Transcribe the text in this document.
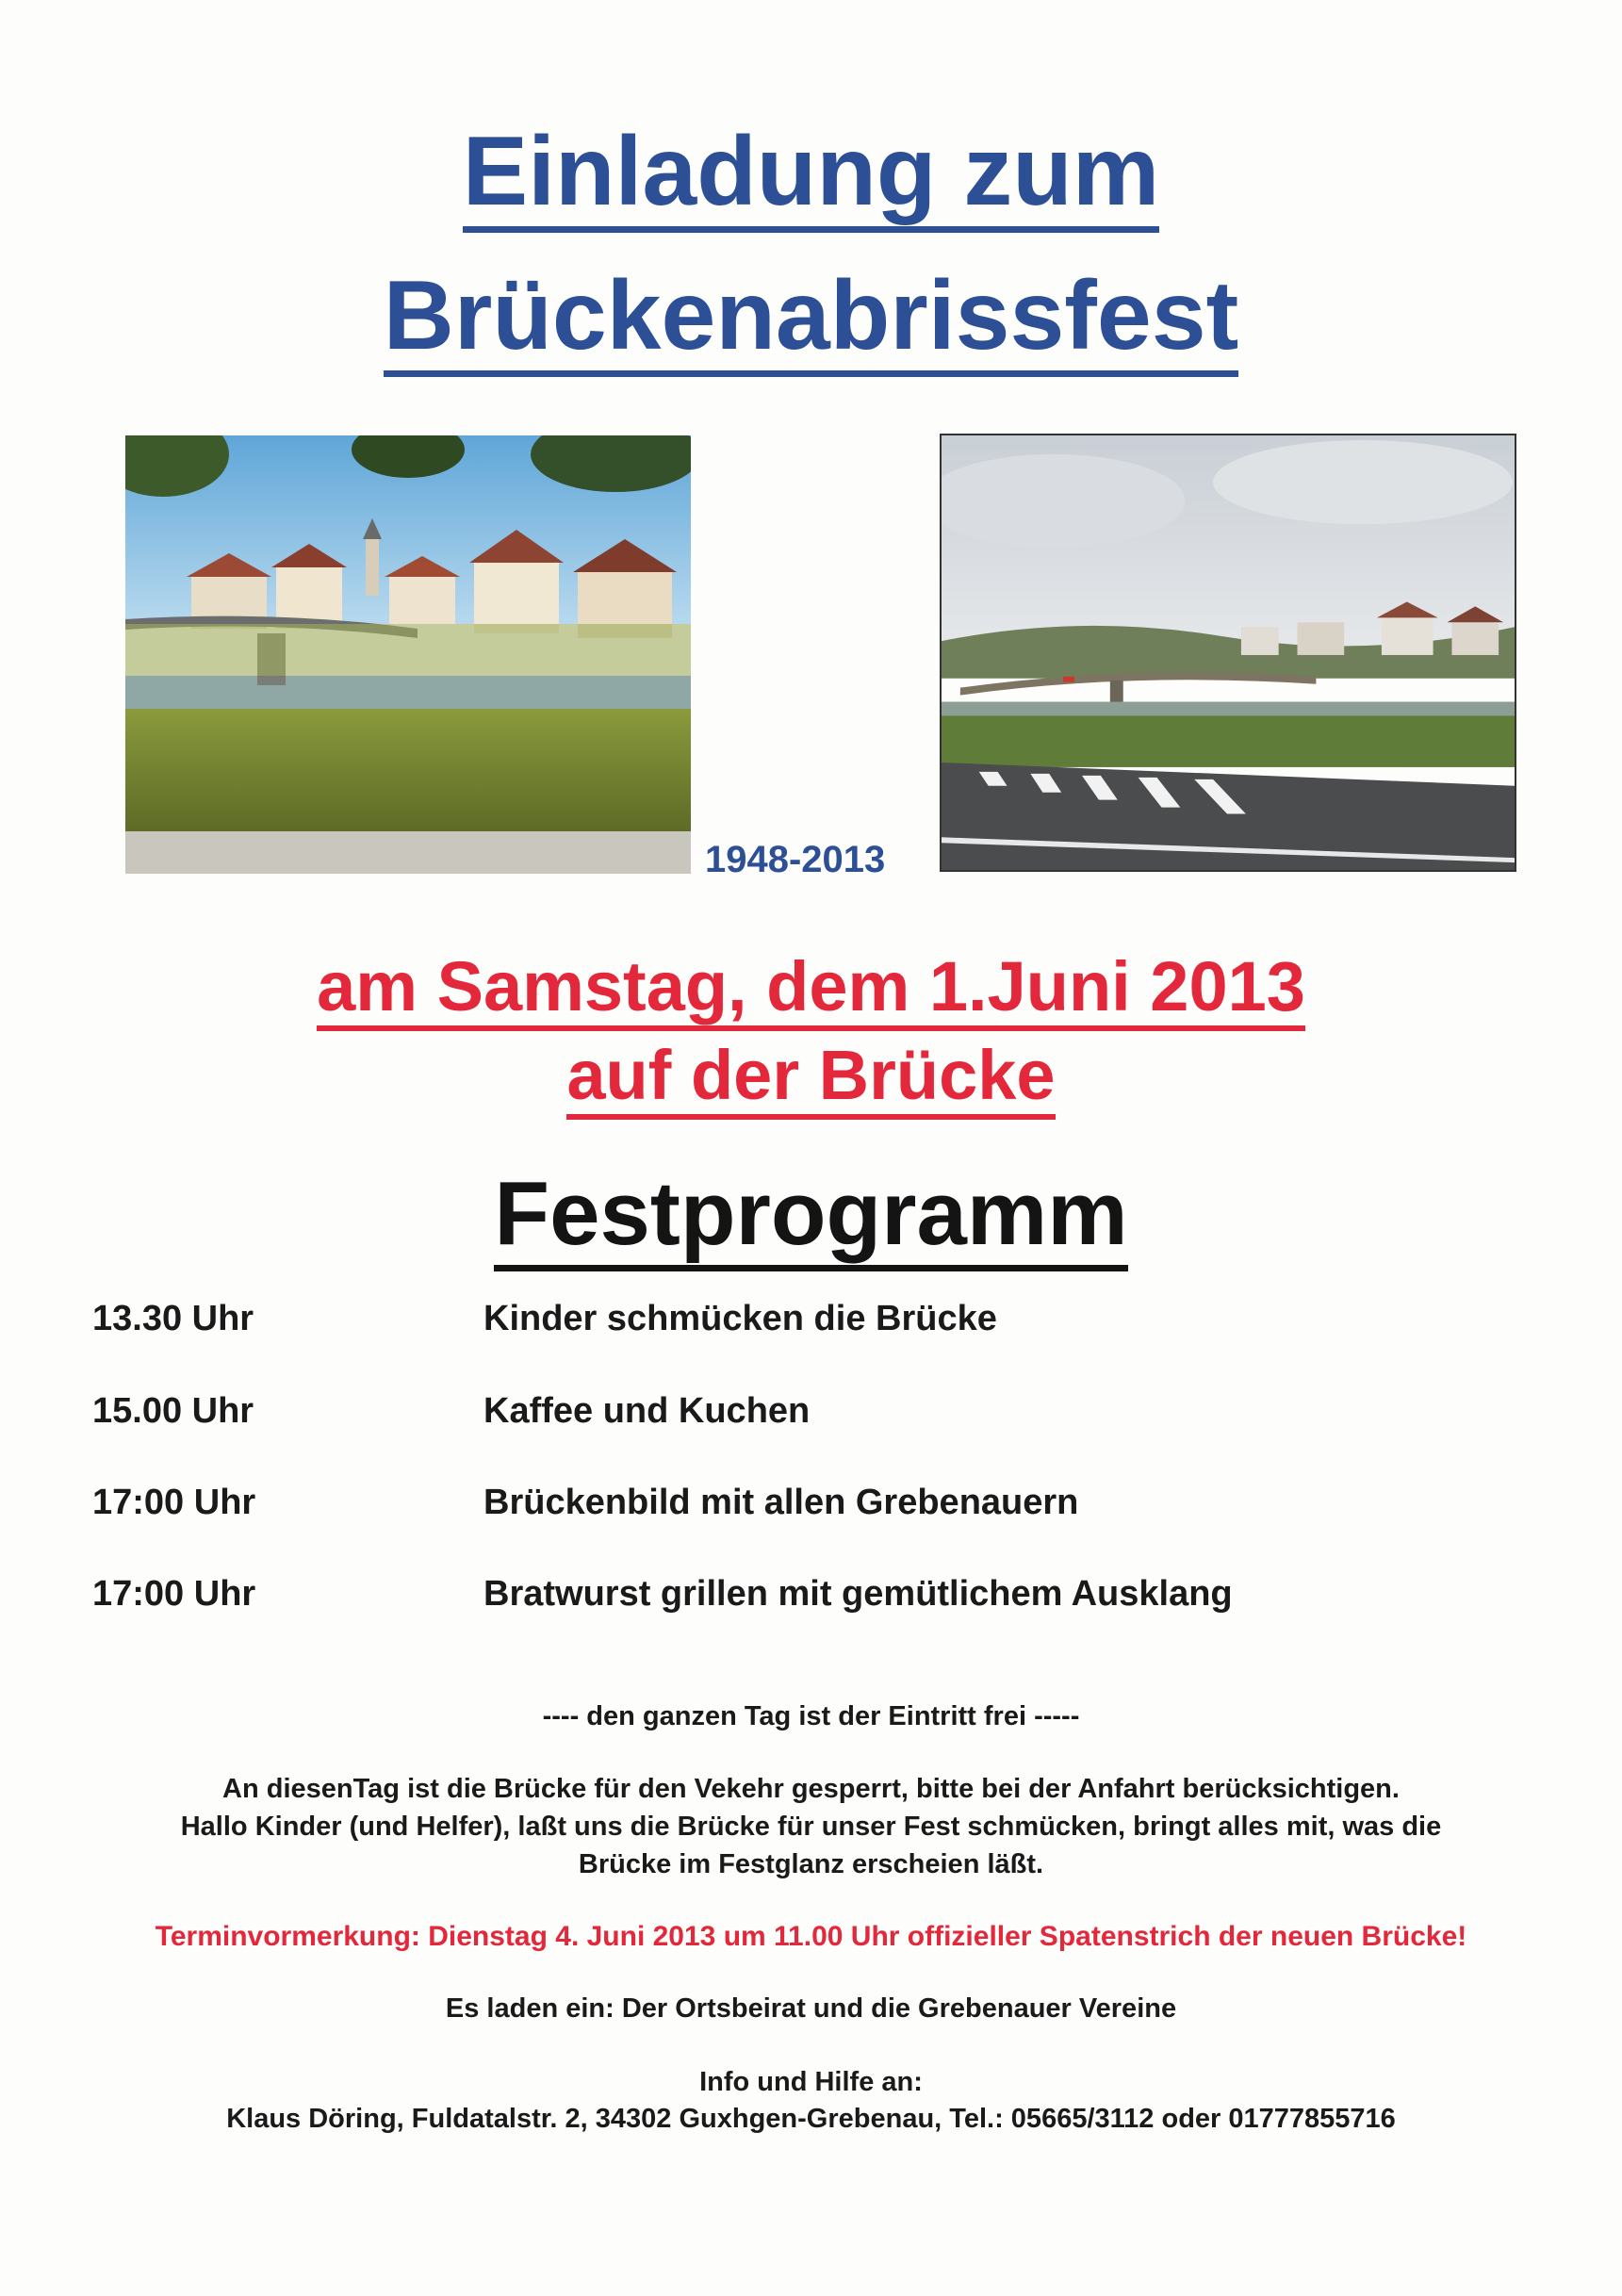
Einladung zum
Brückenabrissfest
1948-2013
am Samstag, dem 1.Juni 2013
auf der Brücke
Festprogramm
13.30 Uhr	Kinder schmücken die Brücke
15.00 Uhr	Kaffee und Kuchen
17:00 Uhr	Brückenbild mit allen Grebenauern
17:00 Uhr	Bratwurst grillen mit gemütlichem Ausklang
---- den ganzen Tag ist der Eintritt frei -----
An diesenTag ist die Brücke für den Vekehr gesperrt, bitte bei der Anfahrt berücksichtigen.
Hallo Kinder (und Helfer), laßt uns die Brücke für unser Fest schmücken, bringt alles mit, was die
Brücke im Festglanz erscheien läßt.
Terminvormerkung: Dienstag 4. Juni 2013 um 11.00 Uhr offizieller Spatenstrich der neuen Brücke!
Es laden ein: Der Ortsbeirat und die Grebenauer Vereine
Info und Hilfe an:
Klaus Döring, Fuldatalstr. 2, 34302 Guxhgen-Grebenau, Tel.: 05665/3112 oder 01777855716
